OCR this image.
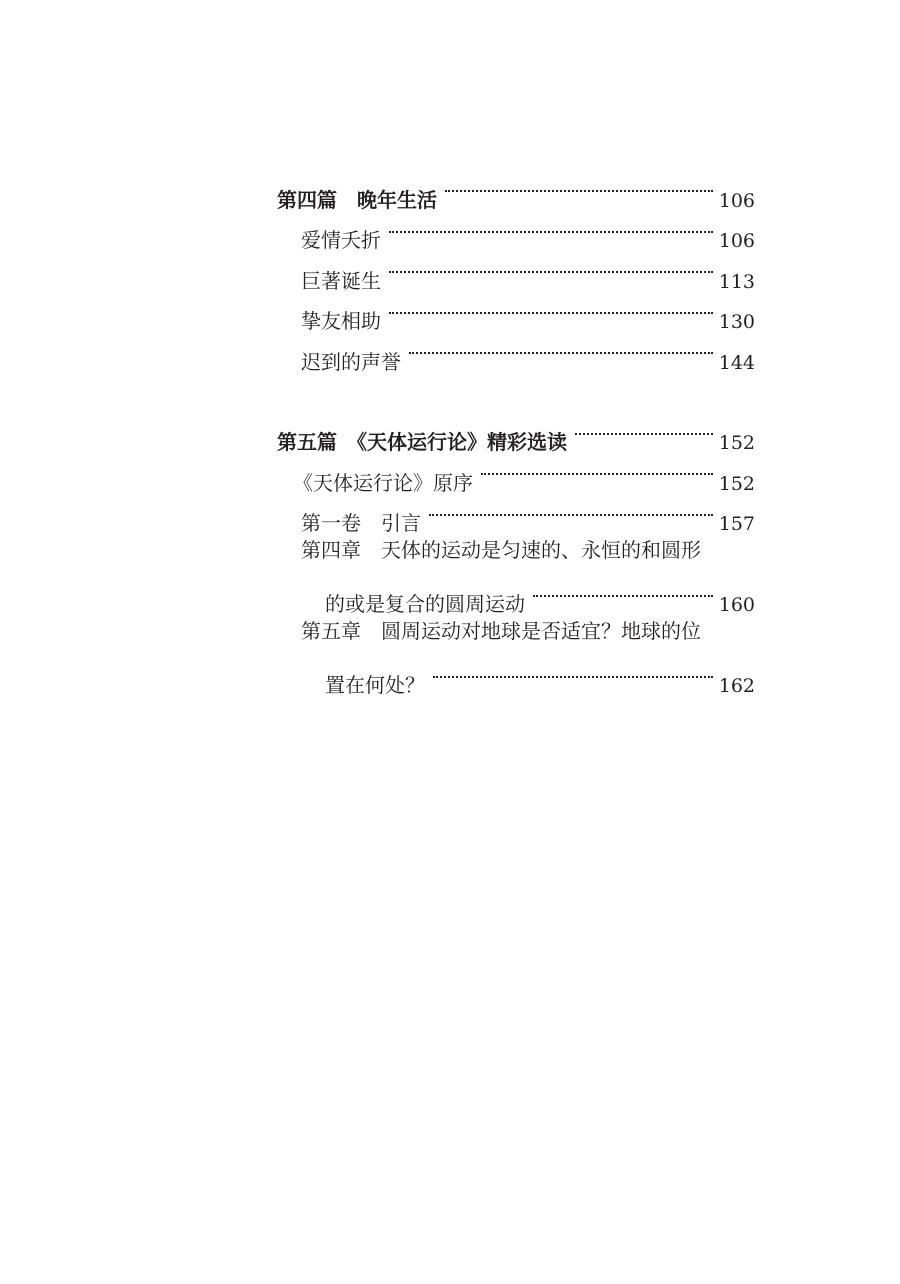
第四篇　晚年生活	106
爱情夭折	106
巨著诞生	113
挚友相助	130
迟到的声誉	144
第五篇　《天体运行论》精彩选读	152
《天体运行论》原序	152
第一卷　引言	157
第四章　天体的运动是匀速的、永恒的和圆形
的或是复合的圆周运动	160
第五章　圆周运动对地球是否适宜？地球的位
置在何处？	162
